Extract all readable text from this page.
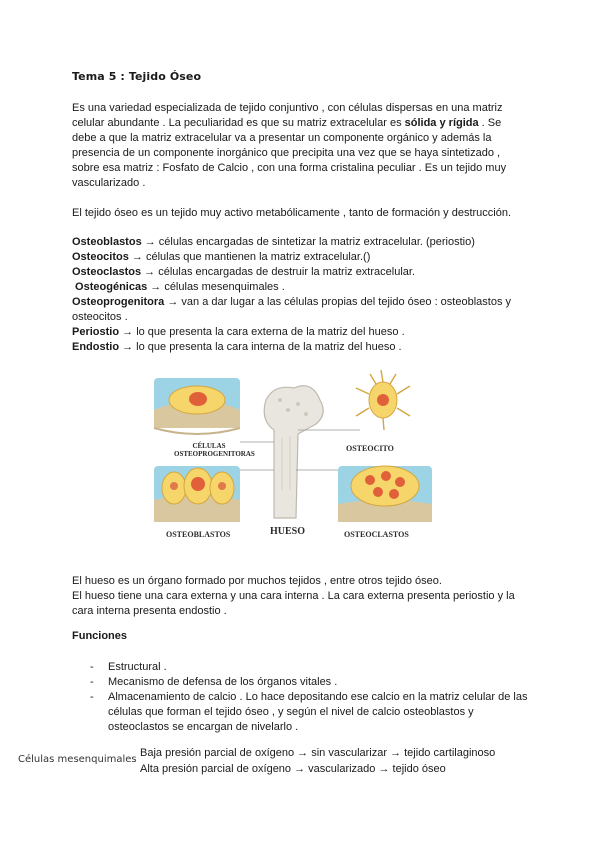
Tema 5 : Tejido Óseo

Es una variedad especializada de tejido conjuntivo , con células dispersas en una matriz

celular abundante . La peculiaridad es que su matriz extracelular es sólida y rígida . Se

debe a que la matriz extracelular va a presentar un componente orgánico y además la

presencia de un componente inorgánico que precipita una vez que se haya sintetizado ,

sobre esa matriz : Fosfato de Calcio , con una forma cristalina peculiar . Es un tejido muy

vascularizado .

El tejido óseo es un tejido muy activo metabólicamente , tanto de formación y destrucción.
Osteoblastos → células encargadas de sintetizar la matriz extracelular. (periostio)
Osteocitos → células que mantienen la matriz extracelular.()
Osteoclastos → células encargadas de destruir la matriz extracelular.
Osteogénicas → células mesenquimales .
Osteoprogenitora → van a dar lugar a las células propias del tejido óseo : osteoblastos y
osteocitos .
Periostio → lo que presenta la cara externa de la matriz del hueso .
Endostio → lo que presenta la cara interna de la matriz del hueso .
CÉLULAS
OSTEOPROGENITORAS
OSTEOCITO
HUESO
OSTEOBLASTOS	OSTEOCLASTOS

El hueso es un órgano formado por muchos tejidos , entre otros tejido óseo.

El hueso tiene una cara externa y una cara interna . La cara externa presenta periostio y la

cara interna presenta endostio .

Funciones
- Estructural .
- Mecanismo de defensa de los órganos vitales .
- Almacenamiento de calcio . Lo hace depositando ese calcio en la matriz celular de las células que forman el tejido óseo , y según el nivel de calcio osteoblastos y osteoclastos se encargan de nivelarlo .
Células mesenquimales
Baja presión parcial de oxígeno → sin vascularizar → tejido cartilaginoso
Alta presión parcial de oxígeno → vascularizado → tejido óseo
